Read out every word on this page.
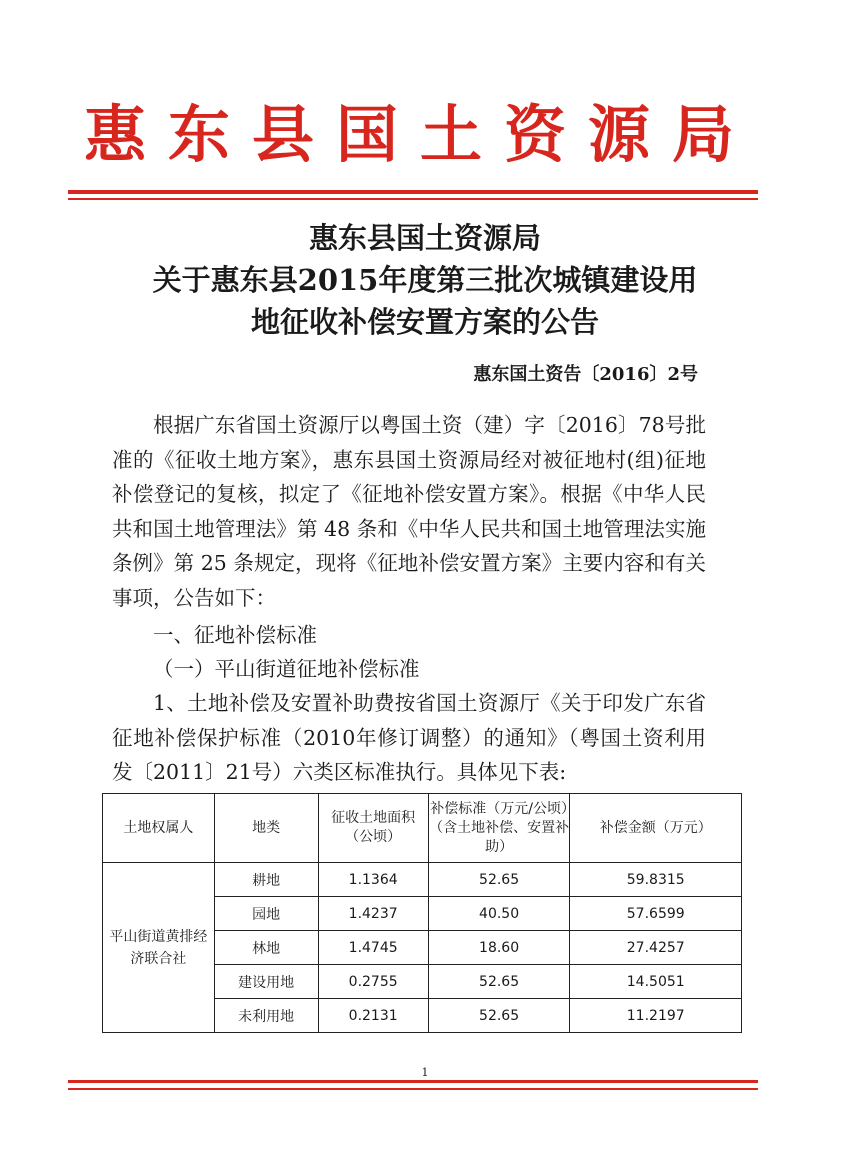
惠东县国土资源局
惠东县国土资源局
关于惠东县2015年度第三批次城镇建设用
地征收补偿安置方案的公告
惠东国土资告〔2016〕2号
根据广东省国土资源厅以粤国土资（建）字〔2016〕78号批准的《征收土地方案》，惠东县国土资源局经对被征地村(组)征地补偿登记的复核，拟定了《征地补偿安置方案》。根据《中华人民共和国土地管理法》第 48 条和《中华人民共和国土地管理法实施条例》第 25 条规定，现将《征地补偿安置方案》主要内容和有关事项，公告如下：
一、征地补偿标准
（一）平山街道征地补偿标准
1、土地补偿及安置补助费按省国土资源厅《关于印发广东省征地补偿保护标准（2010年修订调整）的通知》（粤国土资利用发〔2011〕21号）六类区标准执行。具体见下表:
土地权属人	地类	征收土地面积（公顷）	补偿标准（万元/公顷）（含土地补偿、安置补助）	补偿金额（万元）
平山街道黄排经济联合社	耕地	1.1364	52.65	59.8315
	园地	1.4237	40.50	57.6599
	林地	1.4745	18.60	27.4257
	建设用地	0.2755	52.65	14.5051
	未利用地	0.2131	52.65	11.2197
1
